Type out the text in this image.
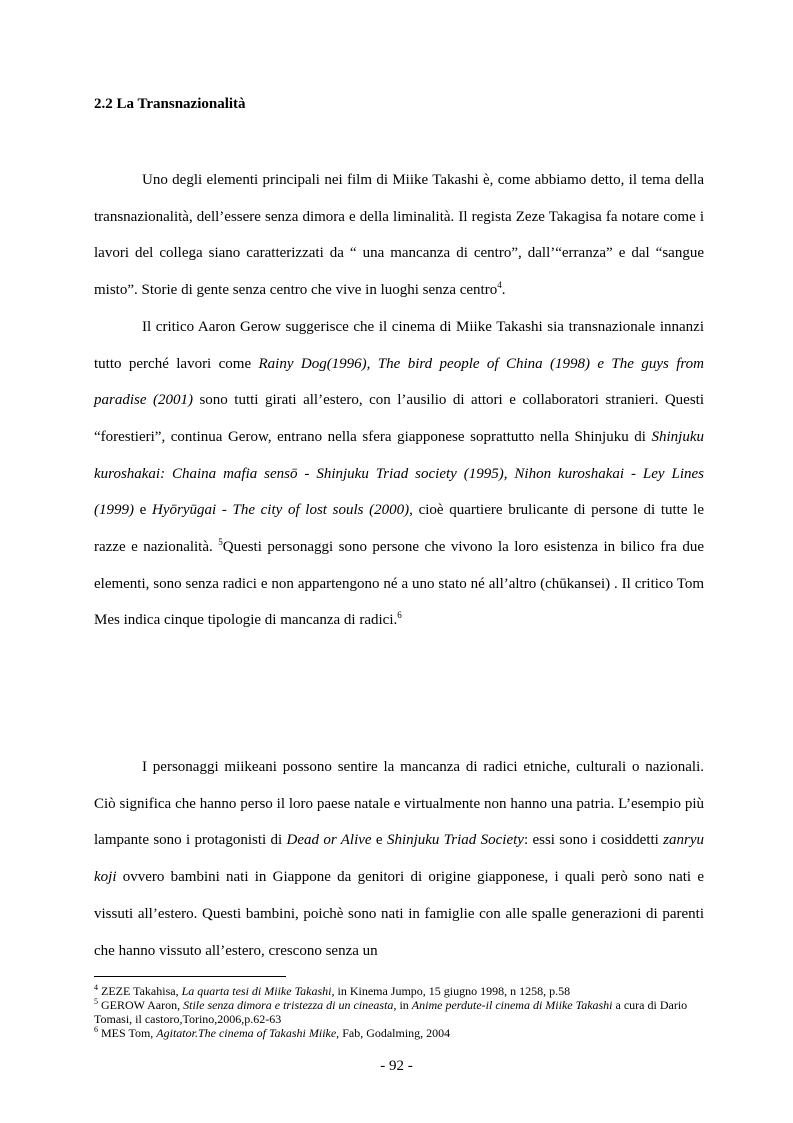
2.2 La Transnazionalità

Uno degli elementi principali nei film di Miike Takashi è, come abbiamo detto, il tema della transnazionalità, dell’essere senza dimora e della liminalità. Il regista Zeze Takagisa fa notare come i lavori del collega siano caratterizzati da “ una mancanza di centro”, dall’“erranza” e dal “sangue misto”. Storie di gente senza centro che vive in luoghi senza centro$^4$.

Il critico Aaron Gerow suggerisce che il cinema di Miike Takashi sia transnazionale innanzi tutto perché lavori come Rainy Dog(1996), The bird people of China (1998) e The guys from paradise (2001) sono tutti girati all’estero, con l’ausilio di attori e collaboratori stranieri. Questi “forestieri”, continua Gerow, entrano nella sfera giapponese soprattutto nella Shinjuku di Shinjuku kuroshakai: Chaina mafia sensō - Shinjuku Triad society (1995), Nihon kuroshakai - Ley Lines (1999) e Hyōryūgai - The city of lost souls (2000), cioè quartiere brulicante di persone di tutte le razze e nazionalità. $^5$Questi personaggi sono persone che vivono la loro esistenza in bilico fra due elementi, sono senza radici e non appartengono né a uno stato né all’altro (chūkansei) . Il critico Tom Mes indica cinque tipologie di mancanza di radici.$^6$

I personaggi miikeani possono sentire la mancanza di radici etniche, culturali o nazionali. Ciò significa che hanno perso il loro paese natale e virtualmente non hanno una patria. L’esempio più lampante sono i protagonisti di Dead or Alive e Shinjuku Triad Society: essi sono i cosiddetti zanryu koji ovvero bambini nati in Giappone da genitori di origine giapponese, i quali però sono nati e vissuti all’estero. Questi bambini, poichè sono nati in famiglie con alle spalle generazioni di parenti che hanno vissuto all’estero, crescono senza un

$^4$ ZEZE Takahisa, La quarta tesi di Miike Takashi, in Kinema Jumpo, 15 giugno 1998, n 1258, p.58
$^5$ GEROW Aaron, Stile senza dimora e tristezza di un cineasta, in Anime perdute-il cinema di Miike Takashi a cura di Dario Tomasi, il castoro,Torino,2006,p.62-63
$^6$ MES Tom, Agitator.The cinema of Takashi Miike, Fab, Godalming, 2004
- 92 -
